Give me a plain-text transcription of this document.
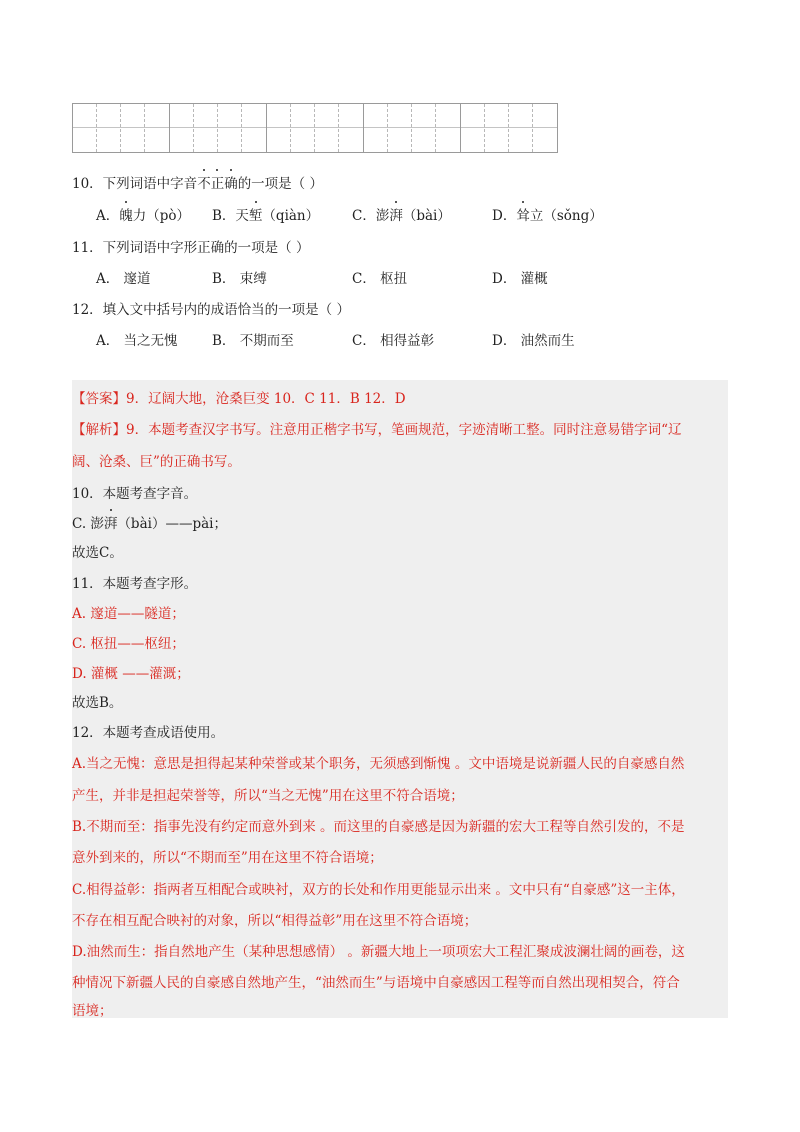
10．下列词语中字音不正确的一项是（ ）
A．魄力（pò） B．天堑（qiàn） C．澎湃（bài）	D．耸立（sǒng）
11．下列词语中字形正确的一项是（ ）
A． 邃道	B． 束缚	C． 枢扭	D． 灌概
12．填入文中括号内的成语恰当的一项是（ ）
A． 当之无愧	B． 不期而至	C． 相得益彰	D． 油然而生
【答案】9．辽阔大地，沧桑巨变 10．C 11．B 12．D
【解析】9．本题考查汉字书写。注意用正楷字书写，笔画规范，字迹清晰工整。同时注意易错字词“辽
阔、沧桑、巨”的正确书写。
10．本题考查字音。
C. 澎湃（bài）——pài；
故选C。
11．本题考查字形。
A. 邃道——隧道；
C. 枢扭——枢纽；
D. 灌概 ——灌溉；
故选B。
12．本题考查成语使用。
A.当之无愧：意思是担得起某种荣誉或某个职务，无须感到惭愧 。文中语境是说新疆人民的自豪感自然
产生，并非是担起荣誉等，所以“当之无愧”用在这里不符合语境；
B.不期而至：指事先没有约定而意外到来 。而这里的自豪感是因为新疆的宏大工程等自然引发的，不是
意外到来的，所以“不期而至”用在这里不符合语境；
C.相得益彰：指两者互相配合或映衬，双方的长处和作用更能显示出来 。文中只有“自豪感”这一主体，
不存在相互配合映衬的对象，所以“相得益彰”用在这里不符合语境；
D.油然而生：指自然地产生（某种思想感情） 。新疆大地上一项项宏大工程汇聚成波澜壮阔的画卷，这
种情况下新疆人民的自豪感自然地产生，“油然而生”与语境中自豪感因工程等而自然出现相契合，符合
语境；
